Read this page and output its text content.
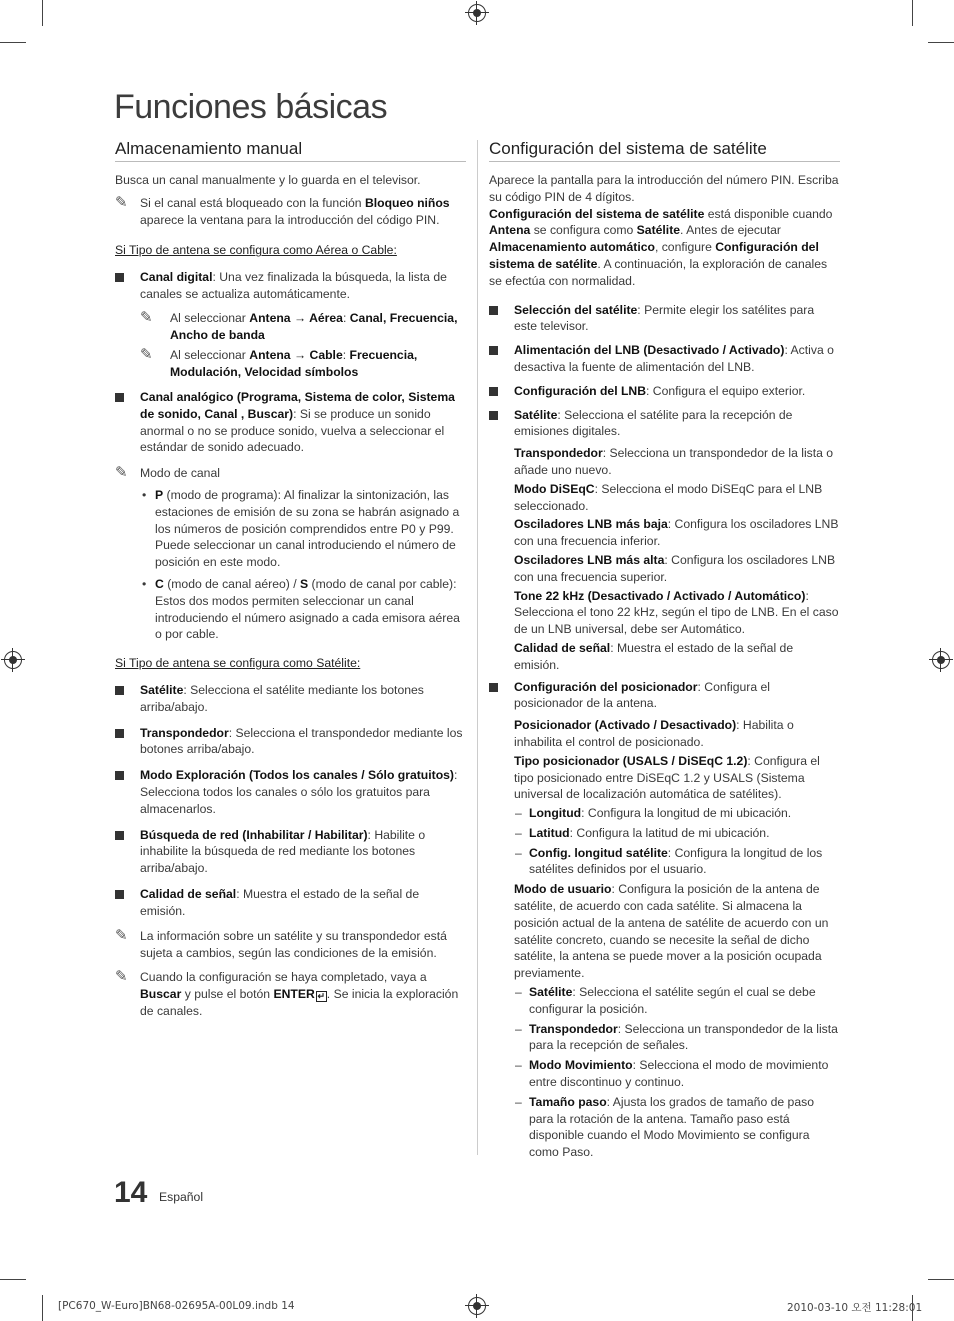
Funciones básicas
Almacenamiento manual

Busca un canal manualmente y lo guarda en el televisor.

✎ Si el canal está bloqueado con la función Bloqueo niños aparece la ventana para la introducción del código PIN.

Si Tipo de antena se configura como Aérea o Cable:

Canal digital: Una vez finalizada la búsqueda, la lista de canales se actualiza automáticamente.
✎ Al seleccionar Antena → Aérea: Canal, Frecuencia, Ancho de banda
✎ Al seleccionar Antena → Cable: Frecuencia, Modulación, Velocidad símbolos
Canal analógico (Programa, Sistema de color, Sistema de sonido, Canal , Buscar): Si se produce un sonido anormal o no se produce sonido, vuelva a seleccionar el estándar de sonido adecuado.
✎ Modo de canal
• P (modo de programa): Al finalizar la sintonización, las estaciones de emisión de su zona se habrán asignado a los números de posición comprendidos entre P0 y P99. Puede seleccionar un canal introduciendo el número de posición en este modo.
• C (modo de canal aéreo) / S (modo de canal por cable): Estos dos modos permiten seleccionar un canal introduciendo el número asignado a cada emisora aérea o por cable.

Si Tipo de antena se configura como Satélite:

Satélite: Selecciona el satélite mediante los botones arriba/abajo.
Transpondedor: Selecciona el transpondedor mediante los botones arriba/abajo.
Modo Exploración (Todos los canales / Sólo gratuitos): Selecciona todos los canales o sólo los gratuitos para almacenarlos.
Búsqueda de red (Inhabilitar / Habilitar): Habilite o inhabilite la búsqueda de red mediante los botones arriba/abajo.
Calidad de señal: Muestra el estado de la señal de emisión.
✎ La información sobre un satélite y su transpondedor está sujeta a cambios, según las condiciones de la emisión.
✎ Cuando la configuración se haya completado, vaya a Buscar y pulse el botón ENTER ↵ . Se inicia la exploración de canales.
Configuración del sistema de satélite

Aparece la pantalla para la introducción del número PIN. Escriba su código PIN de 4 dígitos.

Configuración del sistema de satélite está disponible cuando Antena se configura como Satélite. Antes de ejecutar Almacenamiento automático, configure Configuración del sistema de satélite. A continuación, la exploración de canales se efectúa con normalidad.

Selección del satélite: Permite elegir los satélites para este televisor.
Alimentación del LNB (Desactivado / Activado): Activa o desactiva la fuente de alimentación del LNB.
Configuración del LNB: Configura el equipo exterior.
Satélite: Selecciona el satélite para la recepción de emisiones digitales.

Transpondedor: Selecciona un transpondedor de la lista o añade uno nuevo.

Modo DiSEqC: Selecciona el modo DiSEqC para el LNB seleccionado.

Osciladores LNB más baja: Configura los osciladores LNB con una frecuencia inferior.

Osciladores LNB más alta: Configura los osciladores LNB con una frecuencia superior.

Tone 22 kHz (Desactivado / Activado / Automático): Selecciona el tono 22 kHz, según el tipo de LNB. En el caso de un LNB universal, debe ser Automático.

Calidad de señal: Muestra el estado de la señal de emisión.

Configuración del posicionador: Configura el posicionador de la antena.

Posicionador (Activado / Desactivado): Habilita o inhabilita el control de posicionado.

Tipo posicionador (USALS / DiSEqC 1.2): Configura el tipo posicionado entre DiSEqC 1.2 y USALS (Sistema universal de localización automática de satélites).

– Longitud: Configura la longitud de mi ubicación.
– Latitud: Configura la latitud de mi ubicación.
– Config. longitud satélite: Configura la longitud de los satélites definidos por el usuario.

Modo de usuario: Configura la posición de la antena de satélite, de acuerdo con cada satélite. Si almacena la posición actual de la antena de satélite de acuerdo con un satélite concreto, cuando se necesite la señal de dicho satélite, la antena se puede mover a la posición ocupada previamente.

– Satélite: Selecciona el satélite según el cual se debe configurar la posición.
– Transpondedor: Selecciona un transpondedor de la lista para la recepción de señales.
– Modo Movimiento: Selecciona el modo de movimiento entre discontinuo y continuo.
– Tamaño paso: Ajusta los grados de tamaño de paso para la rotación de la antena. Tamaño paso está disponible cuando el Modo Movimiento se configura como Paso.
14 Español
[PC670_W-Euro]BN68-02695A-00L09.indb 14	2010-03-10 오전 11:28:01
